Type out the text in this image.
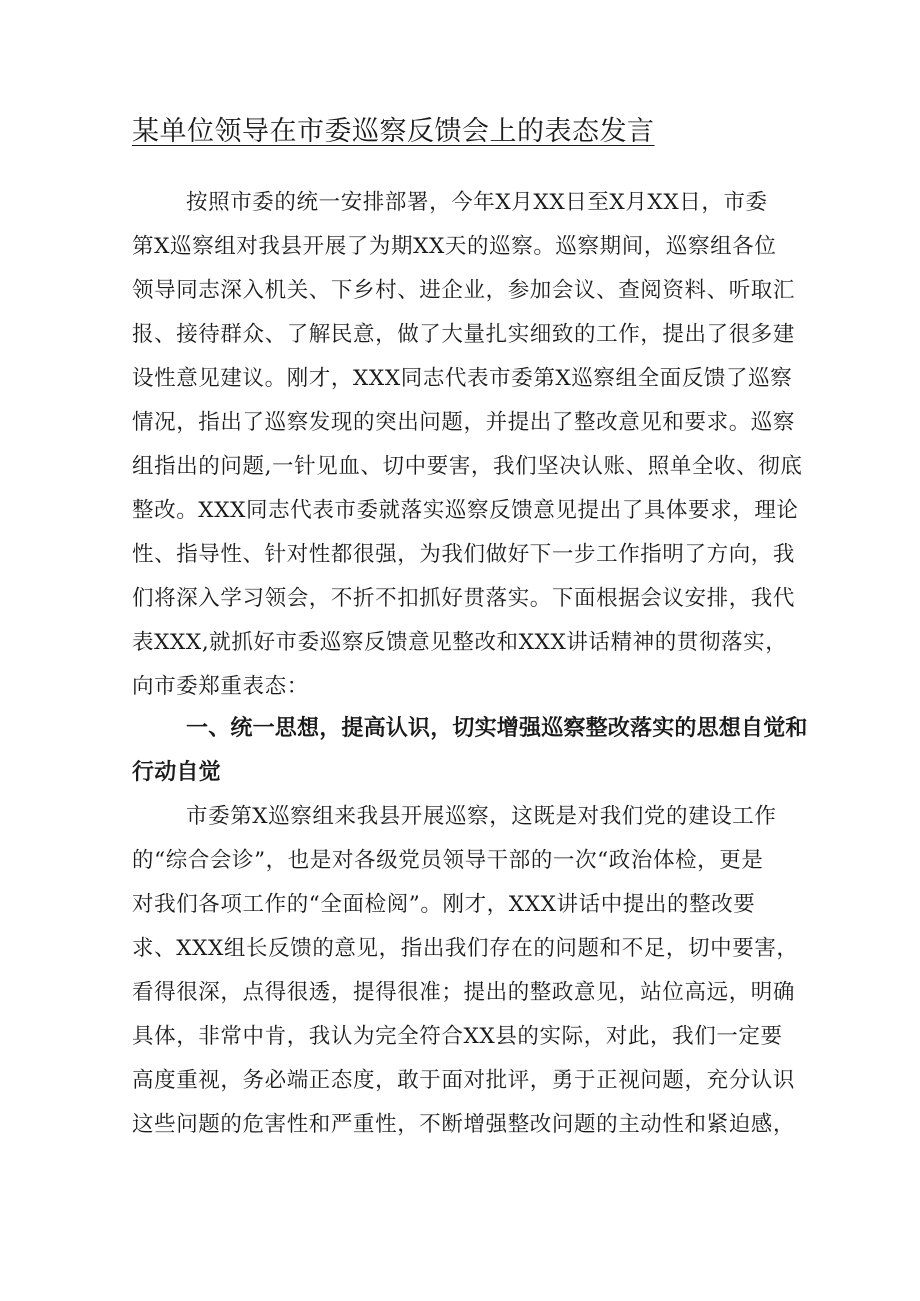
某单位领导在市委巡察反馈会上的表态发言

按照市委的统一安排部署，今年X月XX日至X月XX日，市委

第X巡察组对我县开展了为期XX天的巡察。巡察期间，巡察组各位

领导同志深入机关、下乡村、进企业，参加会议、查阅资料、听取汇

报、接待群众、了解民意，做了大量扎实细致的工作，提出了很多建

设性意见建议。刚才，XXX同志代表市委第X巡察组全面反馈了巡察

情况，指出了巡察发现的突出问题，并提出了整改意见和要求。巡察

组指出的问题,一针见血、切中要害，我们坚决认账、照单全收、彻底

整改。XXX同志代表市委就落实巡察反馈意见提出了具体要求，理论

性、指导性、针对性都很强，为我们做好下一步工作指明了方向，我

们将深入学习领会，不折不扣抓好贯落实。下面根据会议安排，我代

表XXX,就抓好市委巡察反馈意见整改和XXX讲话精神的贯彻落实，

向市委郑重表态：

一、统一思想，提高认识，切实增强巡察整改落实的思想自觉和

行动自觉

市委第X巡察组来我县开展巡察，这既是对我们党的建设工作

的“综合会诊”，也是对各级党员领导干部的一次“政治体检，更是

对我们各项工作的“全面检阅”。刚才，XXX讲话中提出的整改要

求、XXX组长反馈的意见，指出我们存在的问题和不足，切中要害，

看得很深，点得很透，提得很准；提出的整政意见，站位高远，明确

具体，非常中肯，我认为完全符合XX县的实际，对此，我们一定要

高度重视，务必端正态度，敢于面对批评，勇于正视问题，充分认识

这些问题的危害性和严重性，不断增强整改问题的主动性和紧迫感，
